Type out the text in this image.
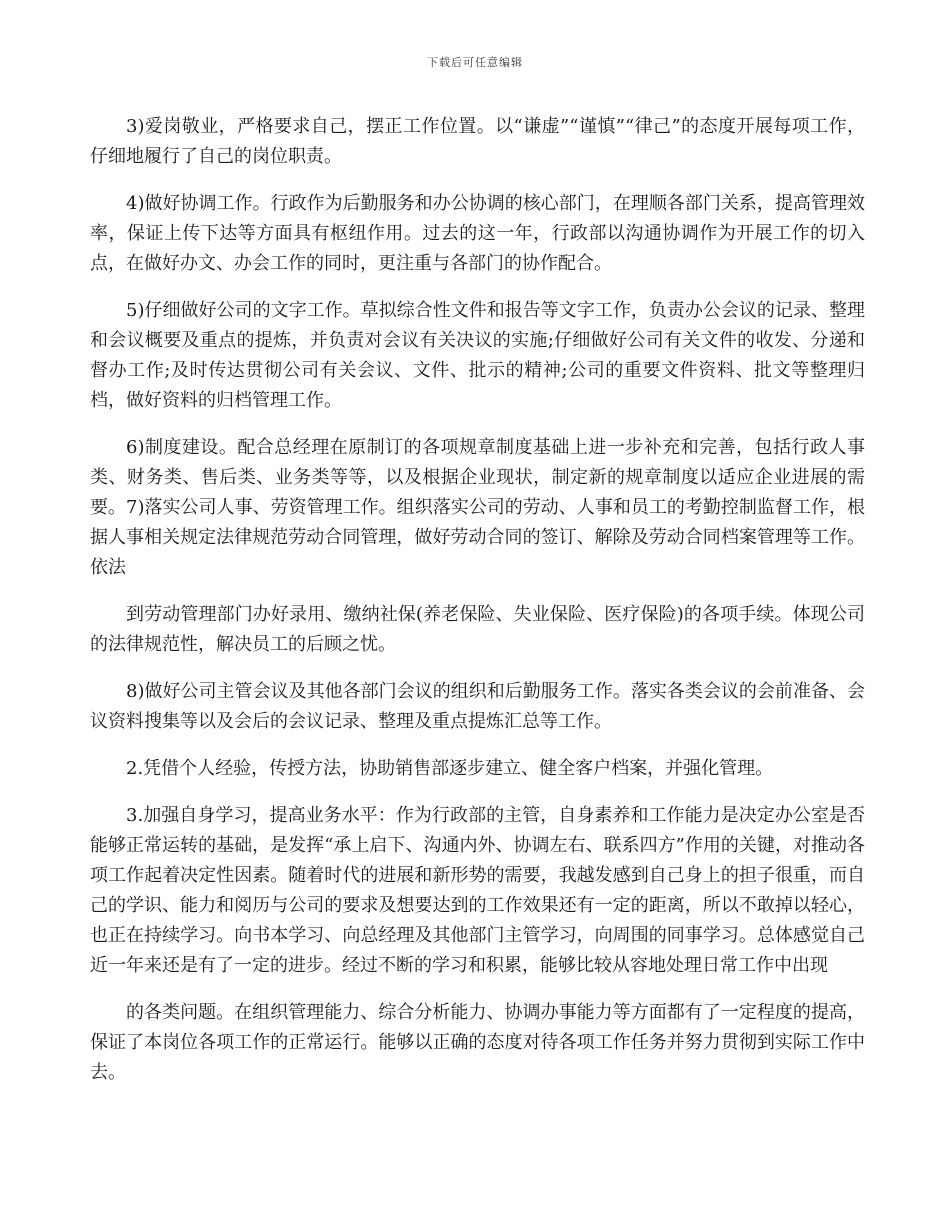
下载后可任意编辑

3)爱岗敬业，严格要求自己，摆正工作位置。以“谦虚”“谨慎”“律己”的态度开展每项工作，仔细地履行了自己的岗位职责。

4)做好协调工作。行政作为后勤服务和办公协调的核心部门，在理顺各部门关系，提高管理效率，保证上传下达等方面具有枢纽作用。过去的这一年，行政部以沟通协调作为开展工作的切入点，在做好办文、办会工作的同时，更注重与各部门的协作配合。

5)仔细做好公司的文字工作。草拟综合性文件和报告等文字工作，负责办公会议的记录、整理和会议概要及重点的提炼，并负责对会议有关决议的实施;仔细做好公司有关文件的收发、分递和督办工作;及时传达贯彻公司有关会议、文件、批示的精神;公司的重要文件资料、批文等整理归档，做好资料的归档管理工作。

6)制度建设。配合总经理在原制订的各项规章制度基础上进一步补充和完善，包括行政人事类、财务类、售后类、业务类等等，以及根据企业现状，制定新的规章制度以适应企业进展的需要。7)落实公司人事、劳资管理工作。组织落实公司的劳动、人事和员工的考勤控制监督工作，根据人事相关规定法律规范劳动合同管理，做好劳动合同的签订、解除及劳动合同档案管理等工作。依法

到劳动管理部门办好录用、缴纳社保(养老保险、失业保险、医疗保险)的各项手续。体现公司的法律规范性，解决员工的后顾之忧。

8)做好公司主管会议及其他各部门会议的组织和后勤服务工作。落实各类会议的会前准备、会议资料搜集等以及会后的会议记录、整理及重点提炼汇总等工作。

2.凭借个人经验，传授方法，协助销售部逐步建立、健全客户档案，并强化管理。

3.加强自身学习，提高业务水平：作为行政部的主管，自身素养和工作能力是决定办公室是否能够正常运转的基础，是发挥“承上启下、沟通内外、协调左右、联系四方”作用的关键，对推动各项工作起着决定性因素。随着时代的进展和新形势的需要，我越发感到自己身上的担子很重，而自己的学识、能力和阅历与公司的要求及想要达到的工作效果还有一定的距离，所以不敢掉以轻心，也正在持续学习。向书本学习、向总经理及其他部门主管学习，向周围的同事学习。总体感觉自己近一年来还是有了一定的进步。经过不断的学习和积累，能够比较从容地处理日常工作中出现

的各类问题。在组织管理能力、综合分析能力、协调办事能力等方面都有了一定程度的提高，保证了本岗位各项工作的正常运行。能够以正确的态度对待各项工作任务并努力贯彻到实际工作中去。
